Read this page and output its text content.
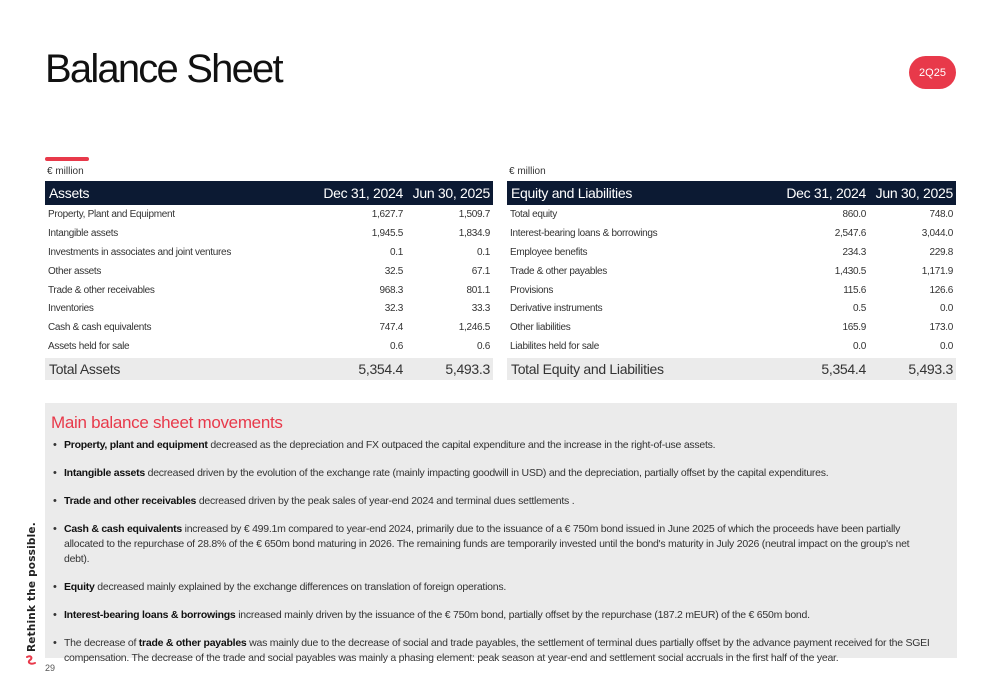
Balance Sheet	2Q25
€ million
Assets	Dec 31, 2024 Jun 30, 2025
Property, Plant and Equipment	1,627.7	1,509.7
Intangible assets	1,945.5	1,834.9
Investments in associates and joint ventures	0.1	0.1
Other assets	32.5	67.1
Trade & other receivables	968.3	801.1
Inventories	32.3	33.3
Cash & cash equivalents	747.4	1,246.5
Assets held for sale	0.6	0.6
Total Assets	5,354.4	5,493.3
€ million
Equity and Liabilities	Dec 31, 2024 Jun 30, 2025
Total equity	860.0	748.0
Interest-bearing loans & borrowings	2,547.6	3,044.0
Employee benefits	234.3	229.8
Trade & other payables	1,430.5	1,171.9
Provisions	115.6	126.6
Derivative instruments	0.5	0.0
Other liabilities	165.9	173.0
Liabilites held for sale	0.0	0.0
Total Equity and Liabilities	5,354.4	5,493.3
Main balance sheet movements
• Property, plant and equipment decreased as the depreciation and FX outpaced the capital expenditure and the increase in the right-of-use assets.
• Intangible assets decreased driven by the evolution of the exchange rate (mainly impacting goodwill in USD) and the depreciation, partially offset by the capital expenditures.
• Trade and other receivables decreased driven by the peak sales of year-end 2024 and terminal dues settlements .
• Cash & cash equivalents increased by € 499.1m compared to year-end 2024, primarily due to the issuance of a € 750m bond issued in June 2025 of which the proceeds have been partially allocated to the repurchase of 28.8% of the € 650m bond maturing in 2026. The remaining funds are temporarily invested until the bond's maturity in July 2026 (neutral impact on the group's net debt).
• Equity decreased mainly explained by the exchange differences on translation of foreign operations.
• Interest-bearing loans & borrowings increased mainly driven by the issuance of the € 750m bond, partially offset by the repurchase (187.2 mEUR) of the € 650m bond.
• The decrease of trade & other payables was mainly due to the decrease of social and trade payables, the settlement of terminal dues partially offset by the advance payment received for the SGEI compensation. The decrease of the trade and social payables was mainly a phasing element: peak season at year-end and settlement social accruals in the first half of the year.
Rethink the possible.
29
